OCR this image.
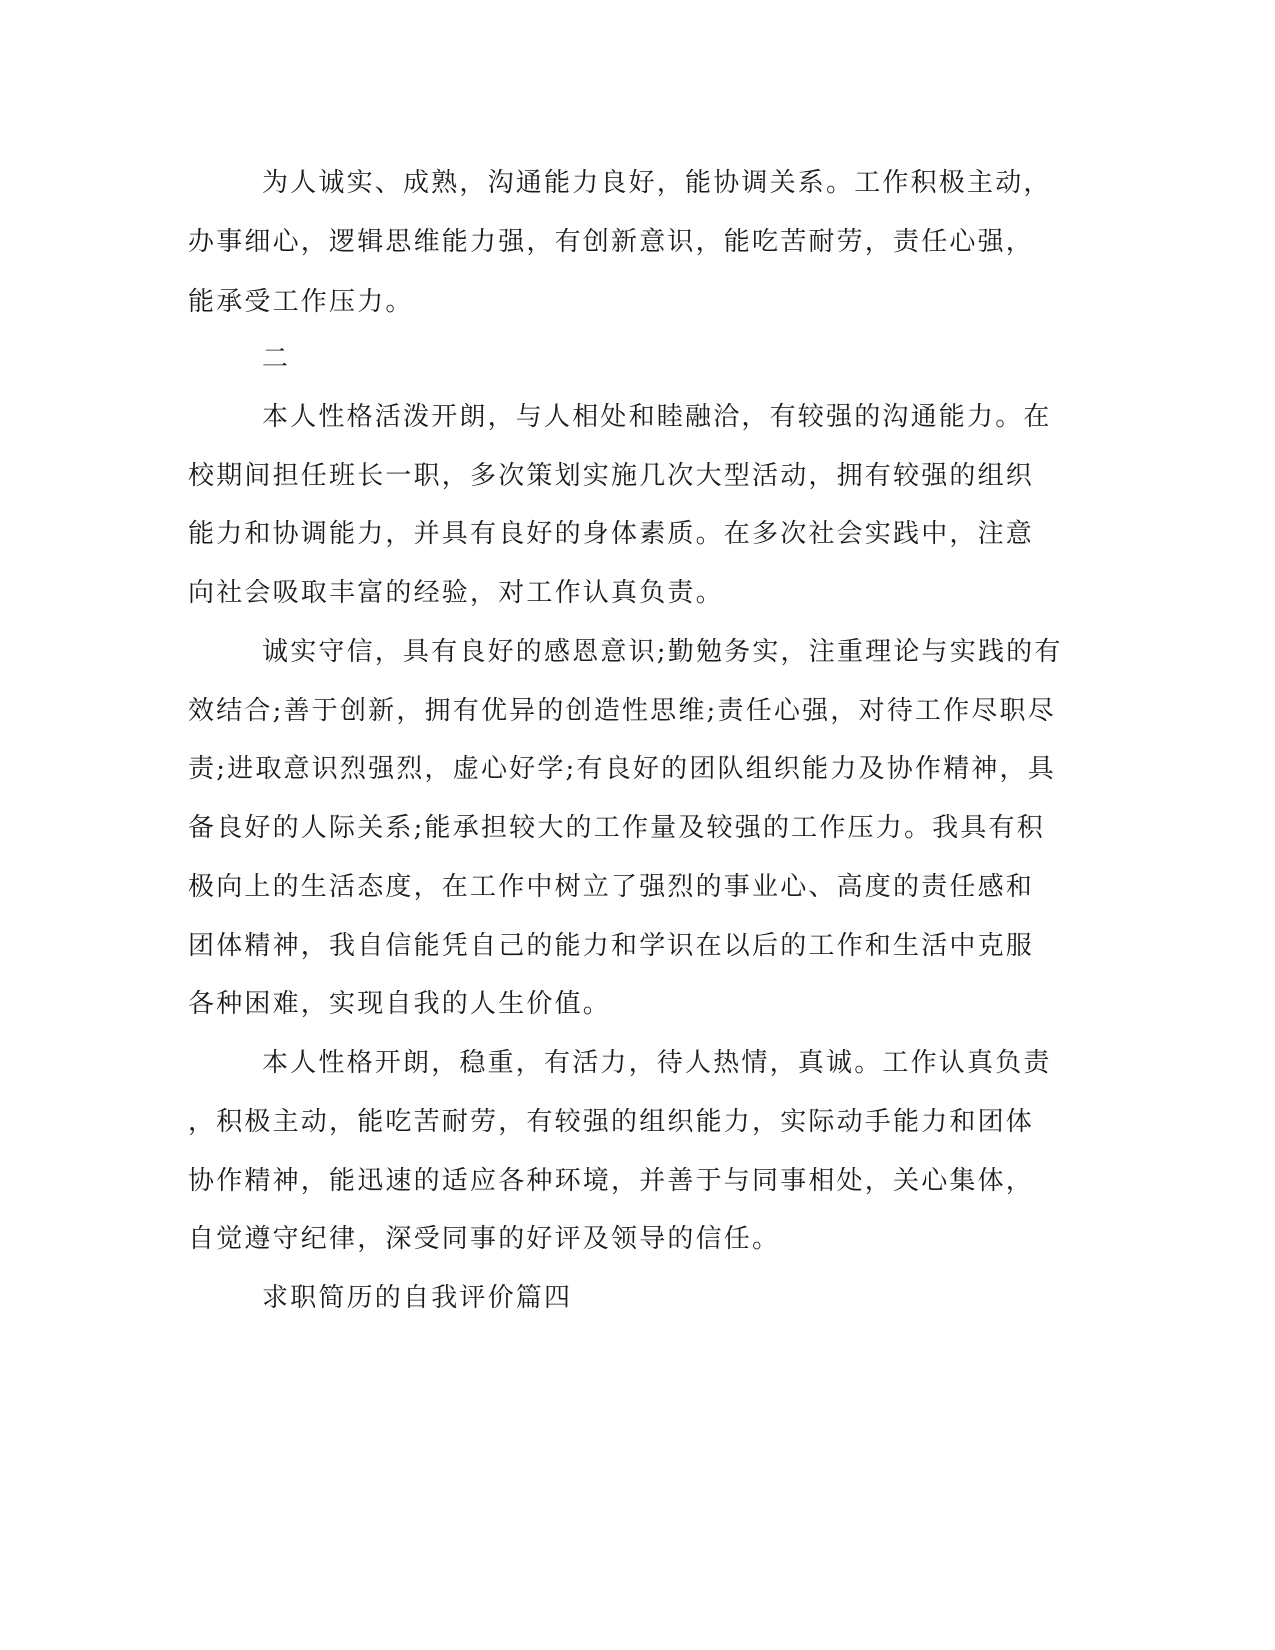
为人诚实、成熟，沟通能力良好，能协调关系。工作积极主动，
办事细心，逻辑思维能力强，有创新意识，能吃苦耐劳，责任心强，
能承受工作压力。
二
本人性格活泼开朗，与人相处和睦融洽，有较强的沟通能力。在
校期间担任班长一职，多次策划实施几次大型活动，拥有较强的组织
能力和协调能力，并具有良好的身体素质。在多次社会实践中，注意
向社会吸取丰富的经验，对工作认真负责。
诚实守信，具有良好的感恩意识;勤勉务实，注重理论与实践的有
效结合;善于创新，拥有优异的创造性思维;责任心强，对待工作尽职尽
责;进取意识烈强烈，虚心好学;有良好的团队组织能力及协作精神，具
备良好的人际关系;能承担较大的工作量及较强的工作压力。我具有积
极向上的生活态度，在工作中树立了强烈的事业心、高度的责任感和
团体精神，我自信能凭自己的能力和学识在以后的工作和生活中克服
各种困难，实现自我的人生价值。
本人性格开朗，稳重，有活力，待人热情，真诚。工作认真负责
，积极主动，能吃苦耐劳，有较强的组织能力，实际动手能力和团体
协作精神，能迅速的适应各种环境，并善于与同事相处，关心集体，
自觉遵守纪律，深受同事的好评及领导的信任。
求职简历的自我评价篇四
